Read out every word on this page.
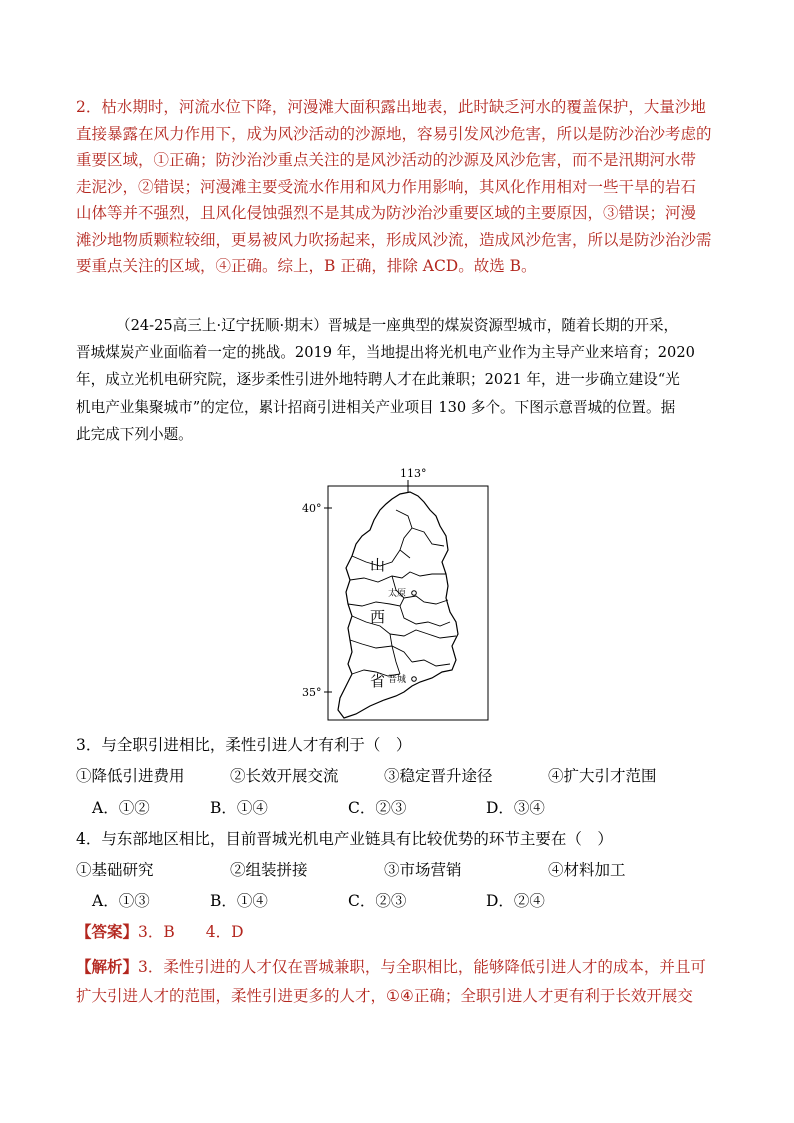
2．枯水期时，河流水位下降，河漫滩大面积露出地表，此时缺乏河水的覆盖保护，大量沙地
直接暴露在风力作用下，成为风沙活动的沙源地，容易引发风沙危害，所以是防沙治沙考虑的
重要区域，①正确；防沙治沙重点关注的是风沙活动的沙源及风沙危害，而不是汛期河水带
走泥沙，②错误；河漫滩主要受流水作用和风力作用影响，其风化作用相对一些干旱的岩石
山体等并不强烈，且风化侵蚀强烈不是其成为防沙治沙重要区域的主要原因，③错误；河漫
滩沙地物质颗粒较细，更易被风力吹扬起来，形成风沙流，造成风沙危害，所以是防沙治沙需
要重点关注的区域，④正确。综上，B 正确，排除 ACD。故选 B。
（24-25高三上·辽宁抚顺·期末）晋城是一座典型的煤炭资源型城市，随着长期的开采，
晋城煤炭产业面临着一定的挑战。2019 年，当地提出将光机电产业作为主导产业来培育；2020
年，成立光机电研究院，逐步柔性引进外地特聘人才在此兼职；2021 年，进一步确立建设“光
机电产业集聚城市”的定位，累计招商引进相关产业项目 130 多个。下图示意晋城的位置。据
此完成下列小题。
113°
40°
35°
山
西
省
太原
晋城
3．与全职引进相比，柔性引进人才有利于（　）
①降低引进费用	②长效开展交流	③稳定晋升途径	④扩大引才范围
A．①②	B．①④	C．②③	D．③④
4．与东部地区相比，目前晋城光机电产业链具有比较优势的环节主要在（　）
①基础研究	②组装拼接	③市场营销	④材料加工
A．①③	B．①④	C．②③	D．②④
【答案】3．B　　4．D
【解析】3．柔性引进的人才仅在晋城兼职，与全职相比，能够降低引进人才的成本，并且可
扩大引进人才的范围，柔性引进更多的人才，①④正确；全职引进人才更有利于长效开展交
